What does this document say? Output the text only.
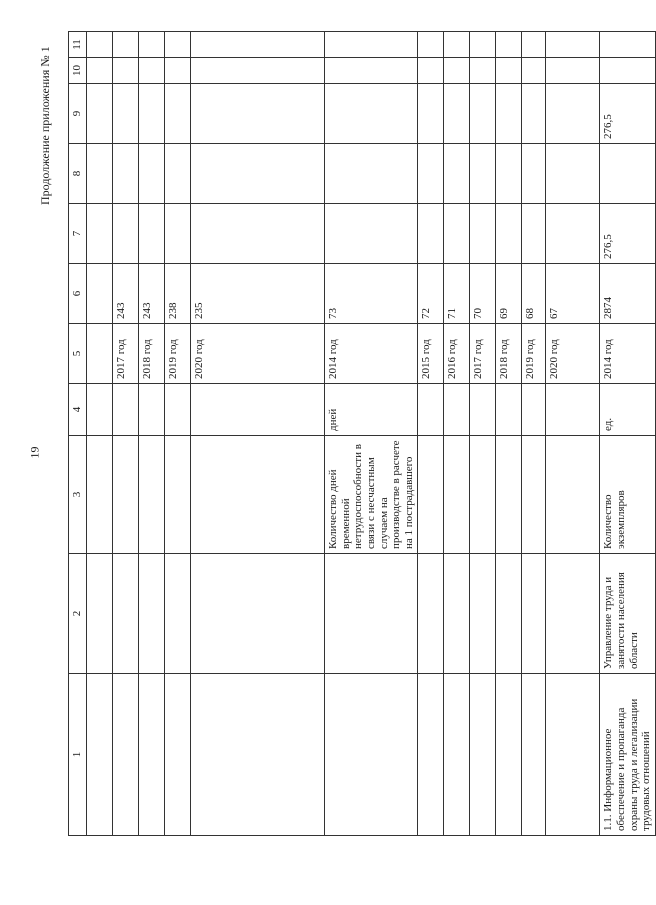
19
Продолжение приложения № 1
1	2	3	4	5	6	7	8	9	10	11

				2017 год	243					
				2018 год	243					
				2019 год	238					
				2020 год	235					
		Количество дней временной нетрудоспособности в связи с несчастным случаем на производстве в расчете на 1 пострадавшего	дней	2014 год	73					
				2015 год	72					
				2016 год	71					
				2017 год	70					
				2018 год	69					
				2019 год	68					
				2020 год	67					
1.1. Информационное обеспечение и пропаганда охраны труда и легализации трудовых отношений	Управление труда и занятости населения области	Количество экземпляров	ед.	2014 год	2874	276,5		276,5		
